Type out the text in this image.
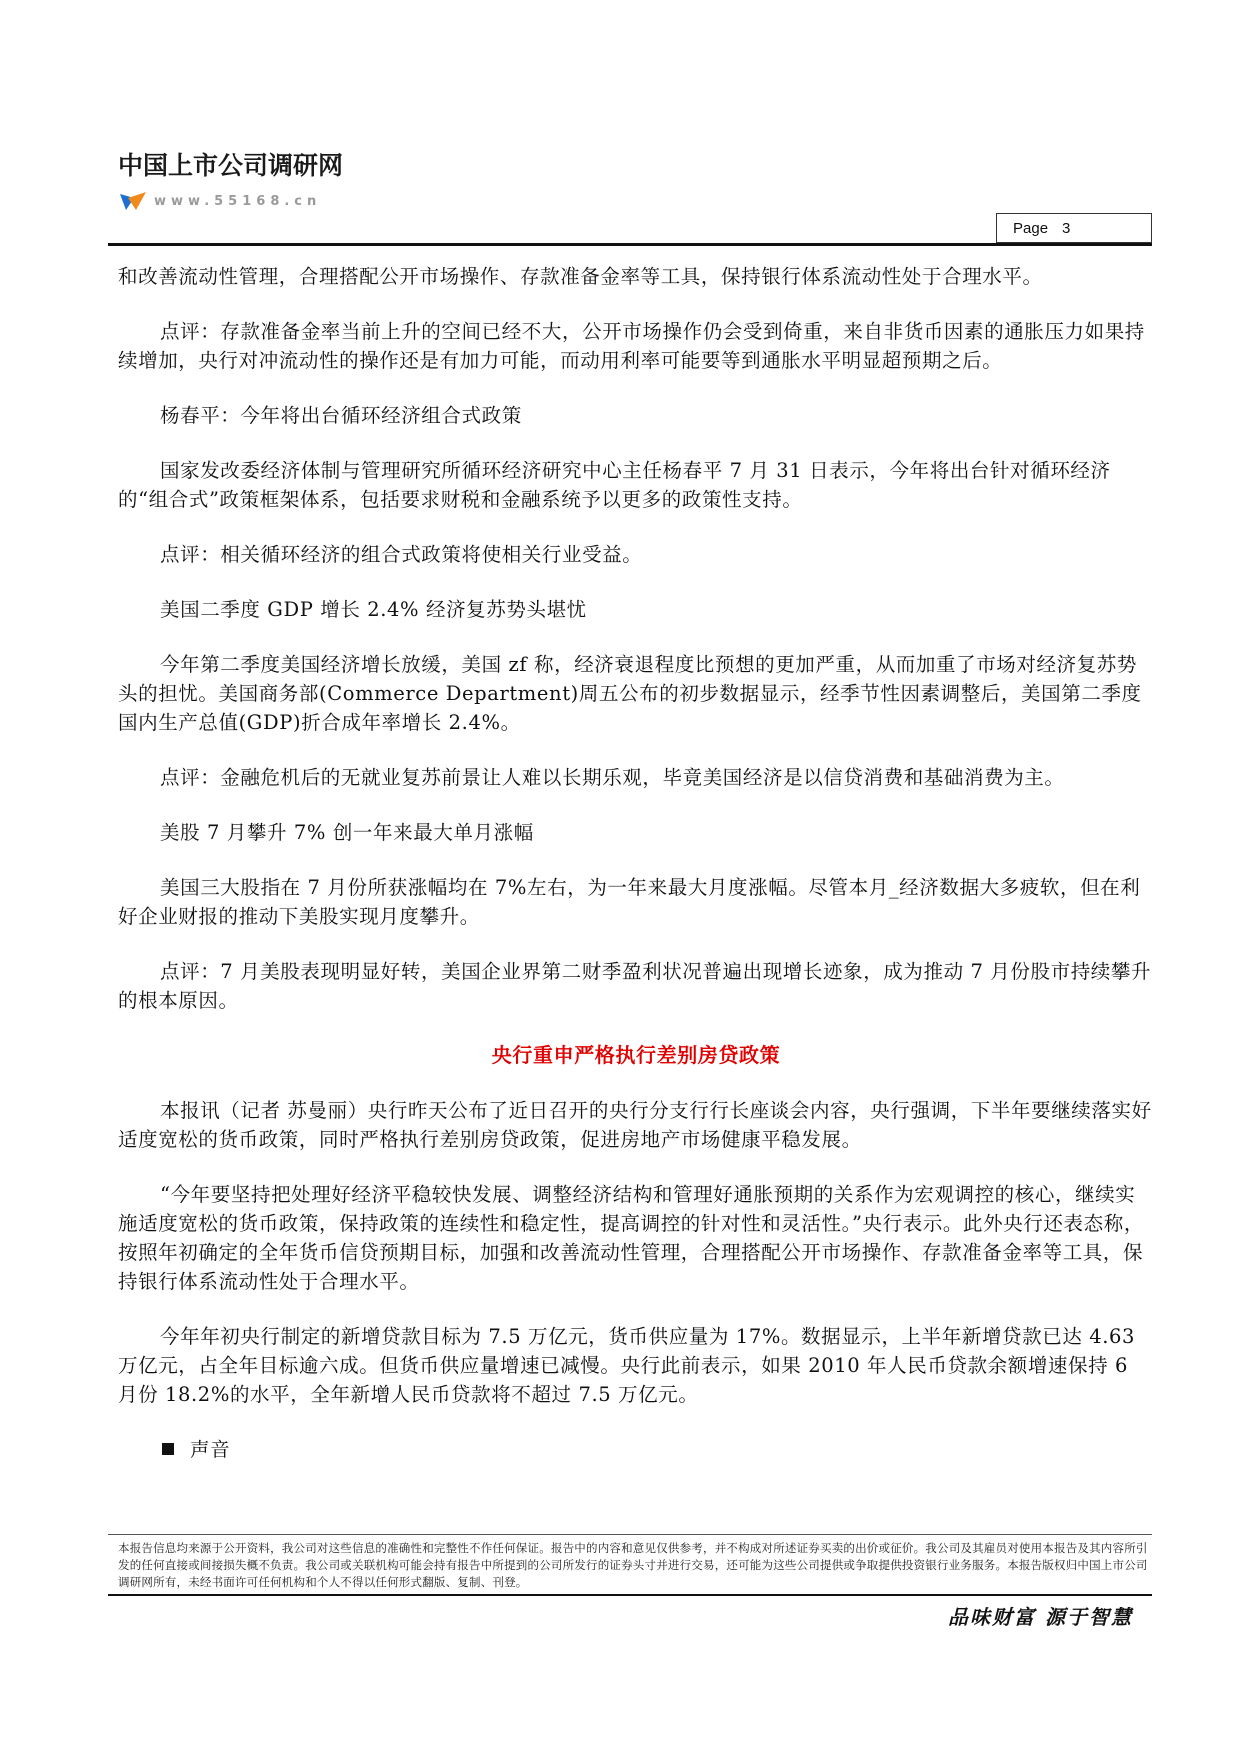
中国上市公司调研网
www.55168.cn
Page 3

和改善流动性管理，合理搭配公开市场操作、存款准备金率等工具，保持银行体系流动性处于合理水平。

点评：存款准备金率当前上升的空间已经不大，公开市场操作仍会受到倚重，来自非货币因素的通胀压力如果持续增加，央行对冲流动性的操作还是有加力可能，而动用利率可能要等到通胀水平明显超预期之后。

杨春平：今年将出台循环经济组合式政策

国家发改委经济体制与管理研究所循环经济研究中心主任杨春平 7 月 31 日表示，今年将出台针对循环经济的“组合式”政策框架体系，包括要求财税和金融系统予以更多的政策性支持。

点评：相关循环经济的组合式政策将使相关行业受益。

美国二季度 GDP 增长 2.4% 经济复苏势头堪忧

今年第二季度美国经济增长放缓，美国 zf 称，经济衰退程度比预想的更加严重，从而加重了市场对经济复苏势头的担忧。美国商务部(Commerce Department)周五公布的初步数据显示，经季节性因素调整后，美国第二季度国内生产总值(GDP)折合成年率增长 2.4%。

点评：金融危机后的无就业复苏前景让人难以长期乐观，毕竟美国经济是以信贷消费和基础消费为主。

美股 7 月攀升 7% 创一年来最大单月涨幅

美国三大股指在 7 月份所获涨幅均在 7%左右，为一年来最大月度涨幅。尽管本月_经济数据大多疲软，但在利好企业财报的推动下美股实现月度攀升。

点评：7 月美股表现明显好转，美国企业界第二财季盈利状况普遍出现增长迹象，成为推动 7 月份股市持续攀升的根本原因。

央行重申严格执行差别房贷政策

本报讯（记者 苏曼丽）央行昨天公布了近日召开的央行分支行行长座谈会内容，央行强调，下半年要继续落实好适度宽松的货币政策，同时严格执行差别房贷政策，促进房地产市场健康平稳发展。

“今年要坚持把处理好经济平稳较快发展、调整经济结构和管理好通胀预期的关系作为宏观调控的核心，继续实施适度宽松的货币政策，保持政策的连续性和稳定性，提高调控的针对性和灵活性。”央行表示。此外央行还表态称，按照年初确定的全年货币信贷预期目标，加强和改善流动性管理，合理搭配公开市场操作、存款准备金率等工具，保持银行体系流动性处于合理水平。

今年年初央行制定的新增贷款目标为 7.5 万亿元，货币供应量为 17%。数据显示，上半年新增贷款已达 4.63 万亿元，占全年目标逾六成。但货币供应量增速已减慢。央行此前表示，如果 2010 年人民币贷款余额增速保持 6 月份 18.2%的水平，全年新增人民币贷款将不超过 7.5 万亿元。

声音

本报告信息均来源于公开资料，我公司对这些信息的准确性和完整性不作任何保证。报告中的内容和意见仅供参考，并不构成对所述证券买卖的出价或征价。我公司及其雇员对使用本报告及其内容所引发的任何直接或间接损失概不负责。我公司或关联机构可能会持有报告中所提到的公司所发行的证券头寸并进行交易，还可能为这些公司提供或争取提供投资银行业务服务。本报告版权归中国上市公司调研网所有，未经书面许可任何机构和个人不得以任何形式翻版、复制、刊登。
品味财富 源于智慧
